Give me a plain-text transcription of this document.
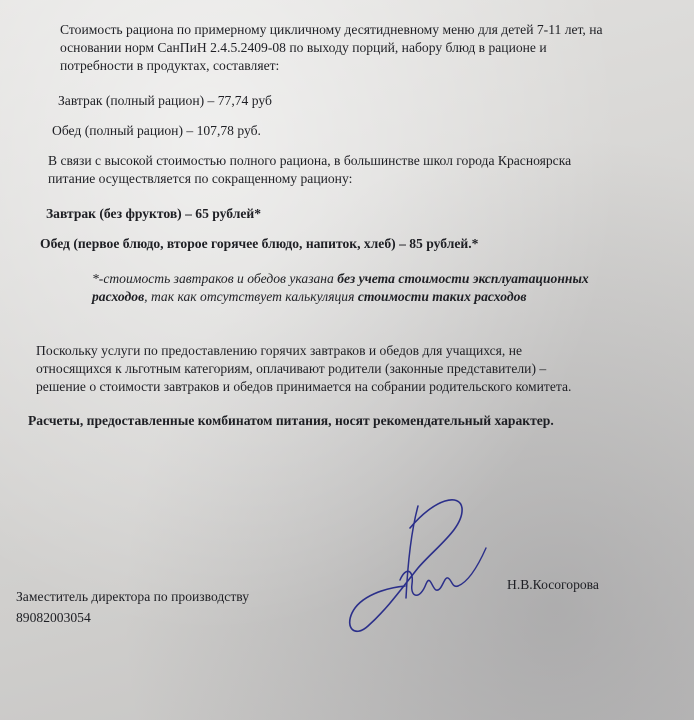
Стоимость рациона по примерному цикличному десятидневному меню для детей 7-11 лет, на
основании норм СанПиН 2.4.5.2409-08 по выходу порций, набору блюд в рационе и
потребности в продуктах, составляет:
Завтрак (полный рацион) – 77,74 руб
Обед (полный рацион) – 107,78 руб.
В связи с высокой стоимостью полного рациона, в большинстве школ города Красноярска
питание осуществляется по сокращенному рациону:
Завтрак (без фруктов) – 65 рублей*
Обед (первое блюдо, второе горячее блюдо, напиток, хлеб) – 85 рублей.*
*-стоимость завтраков и обедов указана без учета стоимости эксплуатационных
расходов, так как отсутствует калькуляция стоимости таких расходов
Поскольку услуги по предоставлению горячих завтраков и обедов для учащихся, не
относящихся к льготным категориям, оплачивают родители (законные представители) –
решение о стоимости завтраков и обедов принимается на собрании родительского комитета.
Расчеты, предоставленные комбинатом питания, носят рекомендательный характер.
Заместитель директора по производству
89082003054
Н.В.Косогорова
